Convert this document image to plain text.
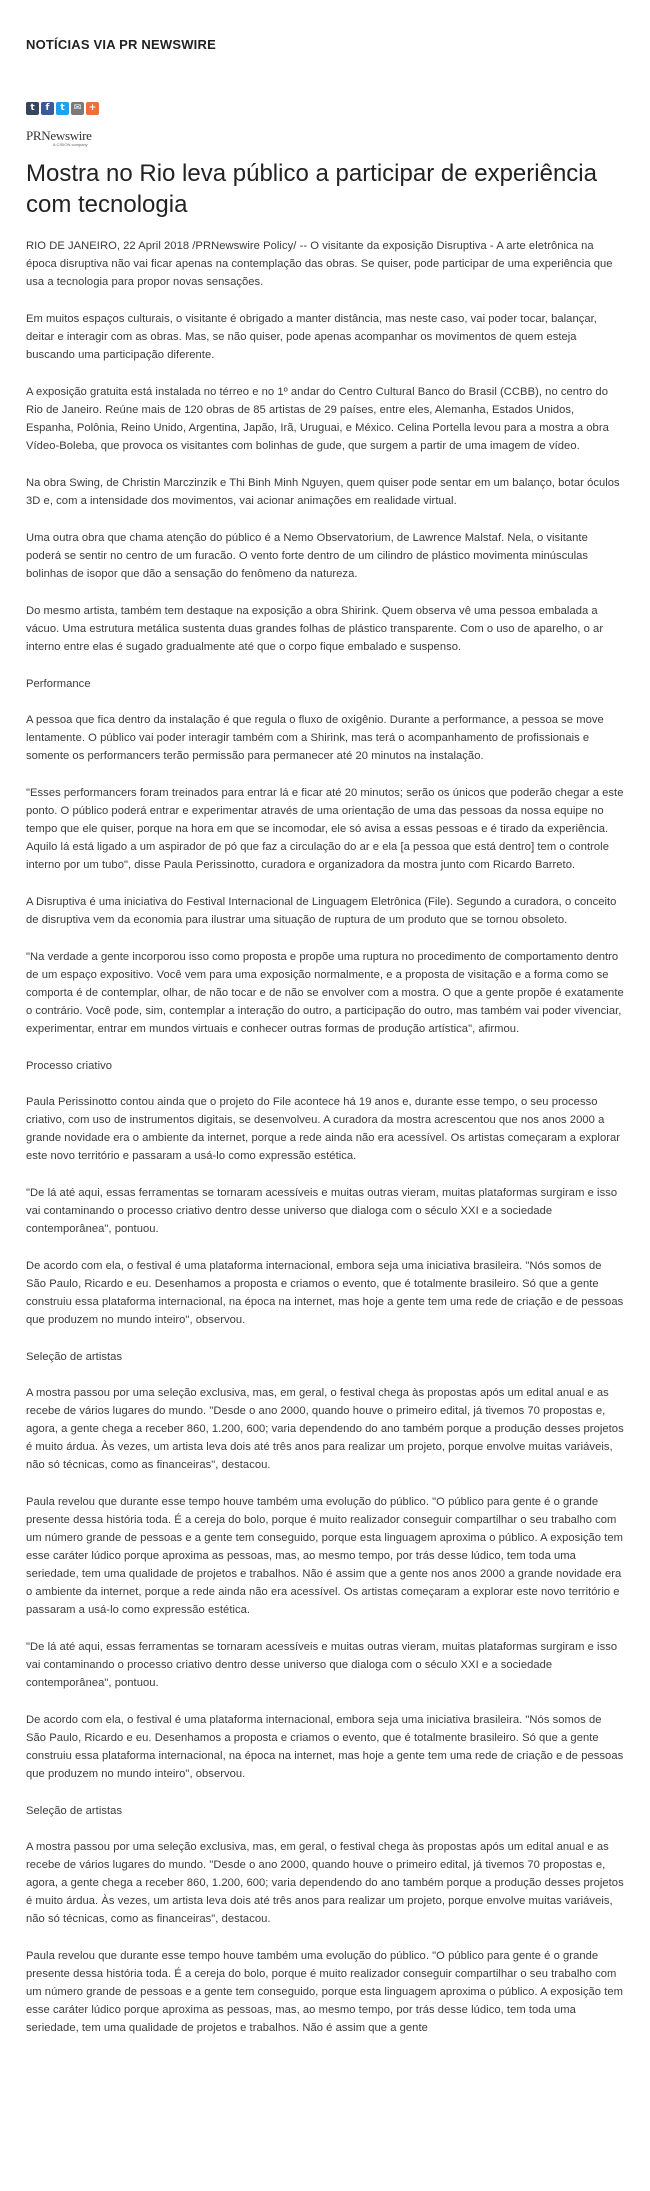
NOTÍCIAS VIA PR NEWSWIRE
t	f	t	✉ +
PRNewswire
A CISION company
Mostra no Rio leva público a participar de experiência com tecnologia

RIO DE JANEIRO, 22 April 2018 /PRNewswire Policy/ -- O visitante da exposição Disruptiva - A arte eletrônica na época disruptiva não vai ficar apenas na contemplação das obras. Se quiser, pode participar de uma experiência que usa a tecnologia para propor novas sensações.

Em muitos espaços culturais, o visitante é obrigado a manter distância, mas neste caso, vai poder tocar, balançar, deitar e interagir com as obras. Mas, se não quiser, pode apenas acompanhar os movimentos de quem esteja buscando uma participação diferente.

A exposição gratuita está instalada no térreo e no 1º andar do Centro Cultural Banco do Brasil (CCBB), no centro do Rio de Janeiro. Reúne mais de 120 obras de 85 artistas de 29 países, entre eles, Alemanha, Estados Unidos, Espanha, Polônia, Reino Unido, Argentina, Japão, Irã, Uruguai, e México. Celina Portella levou para a mostra a obra Vídeo-Boleba, que provoca os visitantes com bolinhas de gude, que surgem a partir de uma imagem de vídeo.

Na obra Swing, de Christin Marczinzik e Thi Binh Minh Nguyen, quem quiser pode sentar em um balanço, botar óculos 3D e, com a intensidade dos movimentos, vai acionar animações em realidade virtual.

Uma outra obra que chama atenção do público é a Nemo Observatorium, de Lawrence Malstaf. Nela, o visitante poderá se sentir no centro de um furacão. O vento forte dentro de um cilindro de plástico movimenta minúsculas bolinhas de isopor que dão a sensação do fenômeno da natureza.

Do mesmo artista, também tem destaque na exposição a obra Shirink. Quem observa vê uma pessoa embalada a vácuo. Uma estrutura metálica sustenta duas grandes folhas de plástico transparente. Com o uso de aparelho, o ar interno entre elas é sugado gradualmente até que o corpo fique embalado e suspenso.

Performance

A pessoa que fica dentro da instalação é que regula o fluxo de oxigênio. Durante a performance, a pessoa se move lentamente. O público vai poder interagir também com a Shirink, mas terá o acompanhamento de profissionais e somente os performancers terão permissão para permanecer até 20 minutos na instalação.

"Esses performancers foram treinados para entrar lá e ficar até 20 minutos; serão os únicos que poderão chegar a este ponto. O público poderá entrar e experimentar através de uma orientação de uma das pessoas da nossa equipe no tempo que ele quiser, porque na hora em que se incomodar, ele só avisa a essas pessoas e é tirado da experiência. Aquilo lá está ligado a um aspirador de pó que faz a circulação do ar e ela [a pessoa que está dentro] tem o controle interno por um tubo", disse Paula Perissinotto, curadora e organizadora da mostra junto com Ricardo Barreto.

A Disruptiva é uma iniciativa do Festival Internacional de Linguagem Eletrônica (File). Segundo a curadora, o conceito de disruptiva vem da economia para ilustrar uma situação de ruptura de um produto que se tornou obsoleto.

"Na verdade a gente incorporou isso como proposta e propõe uma ruptura no procedimento de comportamento dentro de um espaço expositivo. Você vem para uma exposição normalmente, e a proposta de visitação e a forma como se comporta é de contemplar, olhar, de não tocar e de não se envolver com a mostra. O que a gente propõe é exatamente o contrário. Você pode, sim, contemplar a interação do outro, a participação do outro, mas também vai poder vivenciar, experimentar, entrar em mundos virtuais e conhecer outras formas de produção artística", afirmou.

Processo criativo

Paula Perissinotto contou ainda que o projeto do File acontece há 19 anos e, durante esse tempo, o seu processo criativo, com uso de instrumentos digitais, se desenvolveu. A curadora da mostra acrescentou que nos anos 2000 a grande novidade era o ambiente da internet, porque a rede ainda não era acessível. Os artistas começaram a explorar este novo território e passaram a usá-lo como expressão estética.

"De lá até aqui, essas ferramentas se tornaram acessíveis e muitas outras vieram, muitas plataformas surgiram e isso vai contaminando o processo criativo dentro desse universo que dialoga com o século XXI e a sociedade contemporânea", pontuou.

De acordo com ela, o festival é uma plataforma internacional, embora seja uma iniciativa brasileira. "Nós somos de São Paulo, Ricardo e eu. Desenhamos a proposta e criamos o evento, que é totalmente brasileiro. Só que a gente construiu essa plataforma internacional, na época na internet, mas hoje a gente tem uma rede de criação e de pessoas que produzem no mundo inteiro", observou.

Seleção de artistas

A mostra passou por uma seleção exclusiva, mas, em geral, o festival chega às propostas após um edital anual e as recebe de vários lugares do mundo. "Desde o ano 2000, quando houve o primeiro edital, já tivemos 70 propostas e, agora, a gente chega a receber 860, 1.200, 600; varia dependendo do ano também porque a produção desses projetos é muito árdua. Às vezes, um artista leva dois até três anos para realizar um projeto, porque envolve muitas variáveis, não só técnicas, como as financeiras", destacou.

Paula revelou que durante esse tempo houve também uma evolução do público. "O público para gente é o grande presente dessa história toda. É a cereja do bolo, porque é muito realizador conseguir compartilhar o seu trabalho com um número grande de pessoas e a gente tem conseguido, porque esta linguagem aproxima o público. A exposição tem esse caráter lúdico porque aproxima as pessoas, mas, ao mesmo tempo, por trás desse lúdico, tem toda uma seriedade, tem uma qualidade de projetos e trabalhos. Não é assim que a gente nos anos 2000 a grande novidade era o ambiente da internet, porque a rede ainda não era acessível. Os artistas começaram a explorar este novo território e passaram a usá-lo como expressão estética.

"De lá até aqui, essas ferramentas se tornaram acessíveis e muitas outras vieram, muitas plataformas surgiram e isso vai contaminando o processo criativo dentro desse universo que dialoga com o século XXI e a sociedade contemporânea", pontuou.

De acordo com ela, o festival é uma plataforma internacional, embora seja uma iniciativa brasileira. "Nós somos de São Paulo, Ricardo e eu. Desenhamos a proposta e criamos o evento, que é totalmente brasileiro. Só que a gente construiu essa plataforma internacional, na época na internet, mas hoje a gente tem uma rede de criação e de pessoas que produzem no mundo inteiro", observou.

Seleção de artistas

A mostra passou por uma seleção exclusiva, mas, em geral, o festival chega às propostas após um edital anual e as recebe de vários lugares do mundo. "Desde o ano 2000, quando houve o primeiro edital, já tivemos 70 propostas e, agora, a gente chega a receber 860, 1.200, 600; varia dependendo do ano também porque a produção desses projetos é muito árdua. Às vezes, um artista leva dois até três anos para realizar um projeto, porque envolve muitas variáveis, não só técnicas, como as financeiras", destacou.

Paula revelou que durante esse tempo houve também uma evolução do público. "O público para gente é o grande presente dessa história toda. É a cereja do bolo, porque é muito realizador conseguir compartilhar o seu trabalho com um número grande de pessoas e a gente tem conseguido, porque esta linguagem aproxima o público. A exposição tem esse caráter lúdico porque aproxima as pessoas, mas, ao mesmo tempo, por trás desse lúdico, tem toda uma seriedade, tem uma qualidade de projetos e trabalhos. Não é assim que a gente
